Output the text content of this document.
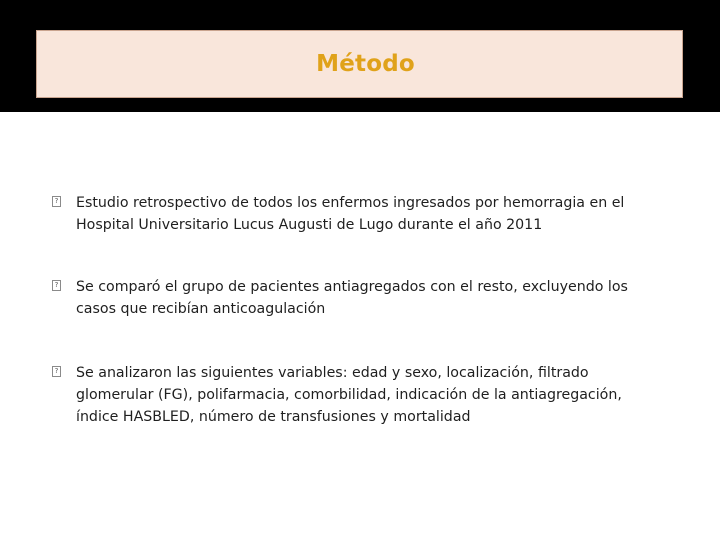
Método
? Estudio retrospectivo de todos los enfermos ingresados por hemorragia en el Hospital Universitario Lucus Augusti de Lugo durante el año 2011
? Se comparó el grupo de pacientes antiagregados con el resto, excluyendo los casos que recibían anticoagulación
? Se analizaron las siguientes variables: edad y sexo, localización, filtrado glomerular (FG), polifarmacia, comorbilidad, indicación de la antiagregación, índice HASBLED, número de transfusiones y mortalidad
